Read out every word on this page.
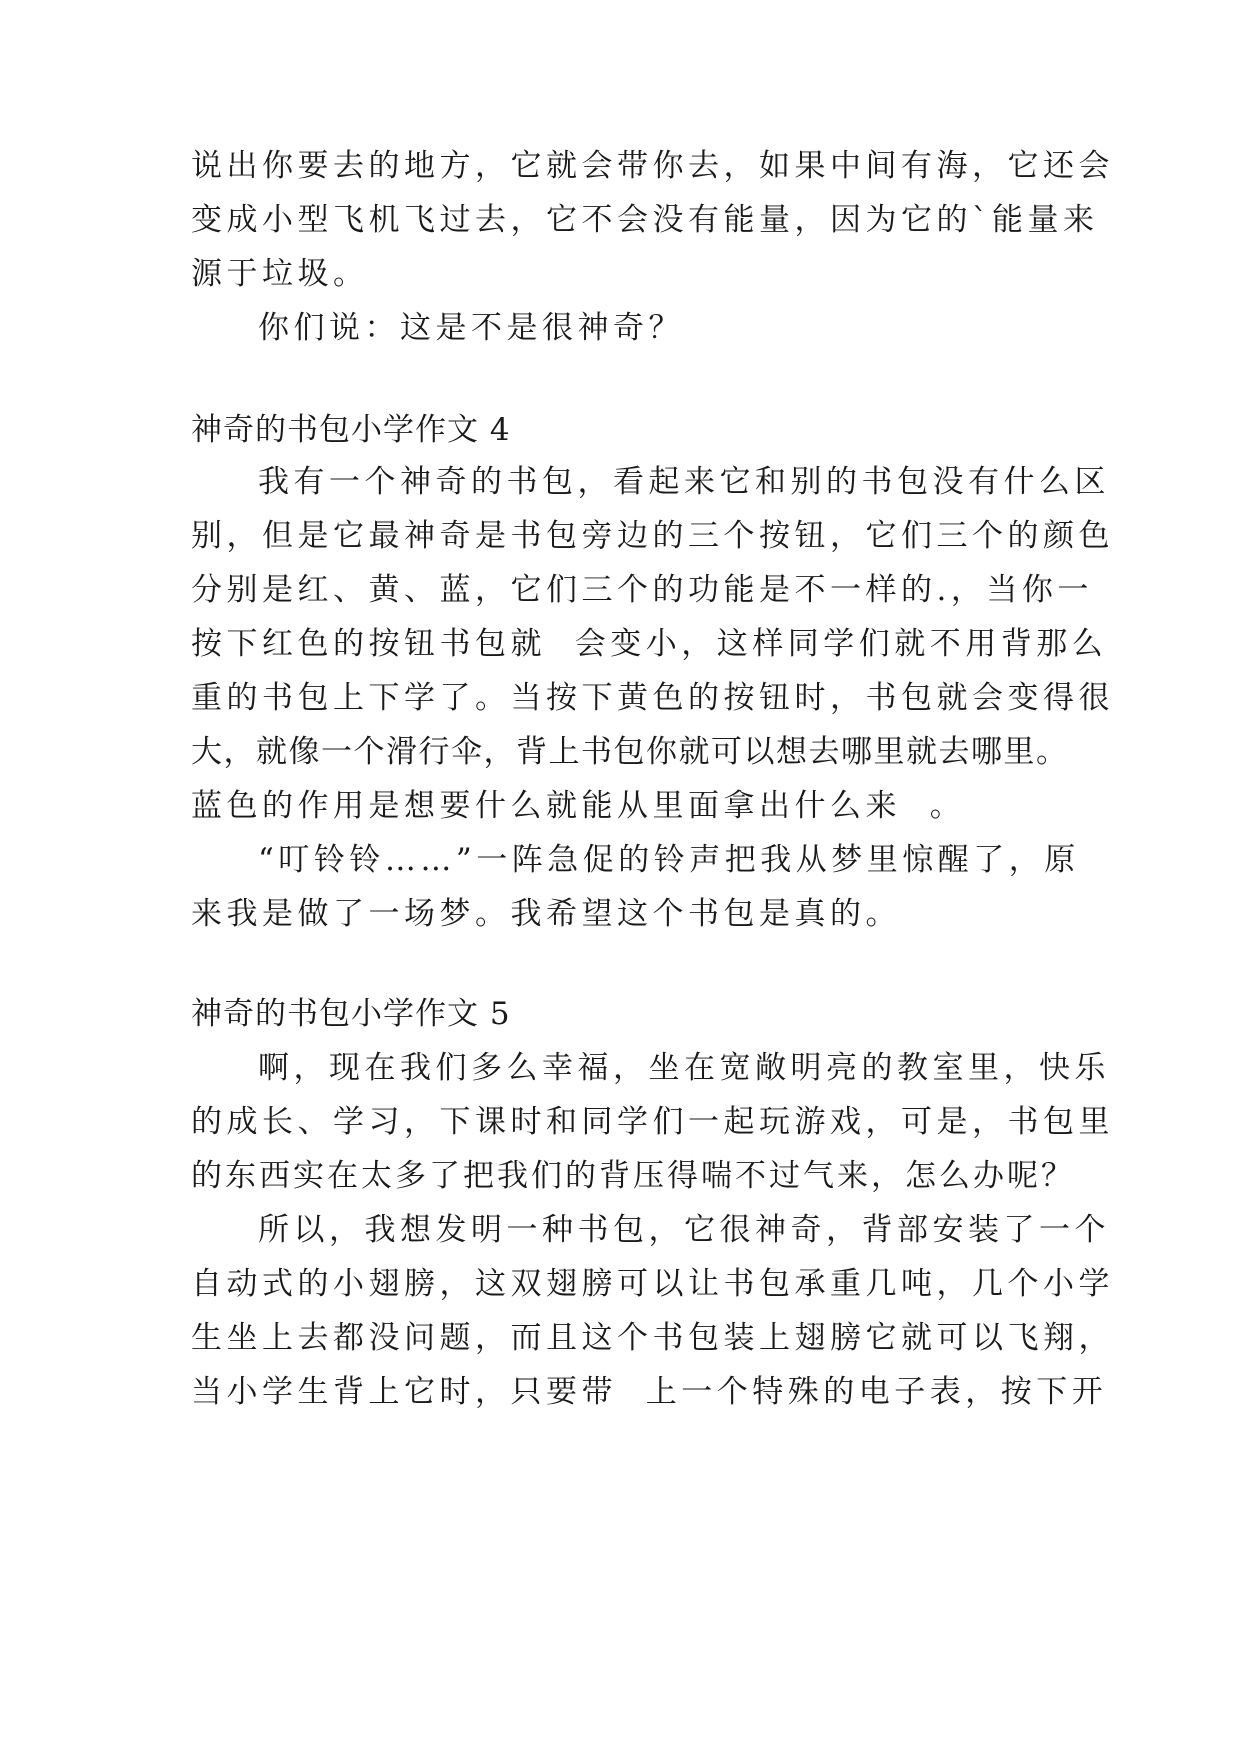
说出你要去的地方，它就会带你去，如果中间有海，它还会
变成小型飞机飞过去，它不会没有能量，因为它的`能量来
源于垃圾。
你们说：这是不是很神奇？
神奇的书包小学作文 4
我有一个神奇的书包，看起来它和别的书包没有什么区
别，但是它最神奇是书包旁边的三个按钮，它们三个的颜色
分别是红、黄、蓝，它们三个的功能是不一样的.，当你一
按下红色的按钮书包就  会变小，这样同学们就不用背那么
重的书包上下学了。当按下黄色的按钮时，书包就会变得很
大，就像一个滑行伞，背上书包你就可以想去哪里就去哪里。
蓝色的作用是想要什么就能从里面拿出什么来  。
“叮铃铃……”一阵急促的铃声把我从梦里惊醒了，原
来我是做了一场梦。我希望这个书包是真的。
神奇的书包小学作文 5
啊，现在我们多么幸福，坐在宽敞明亮的教室里，快乐
的成长、学习，下课时和同学们一起玩游戏，可是，书包里
的东西实在太多了把我们的背压得喘不过气来，怎么办呢？
所以，我想发明一种书包，它很神奇，背部安装了一个
自动式的小翅膀，这双翅膀可以让书包承重几吨，几个小学
生坐上去都没问题，而且这个书包装上翅膀它就可以飞翔，
当小学生背上它时，只要带  上一个特殊的电子表，按下开
